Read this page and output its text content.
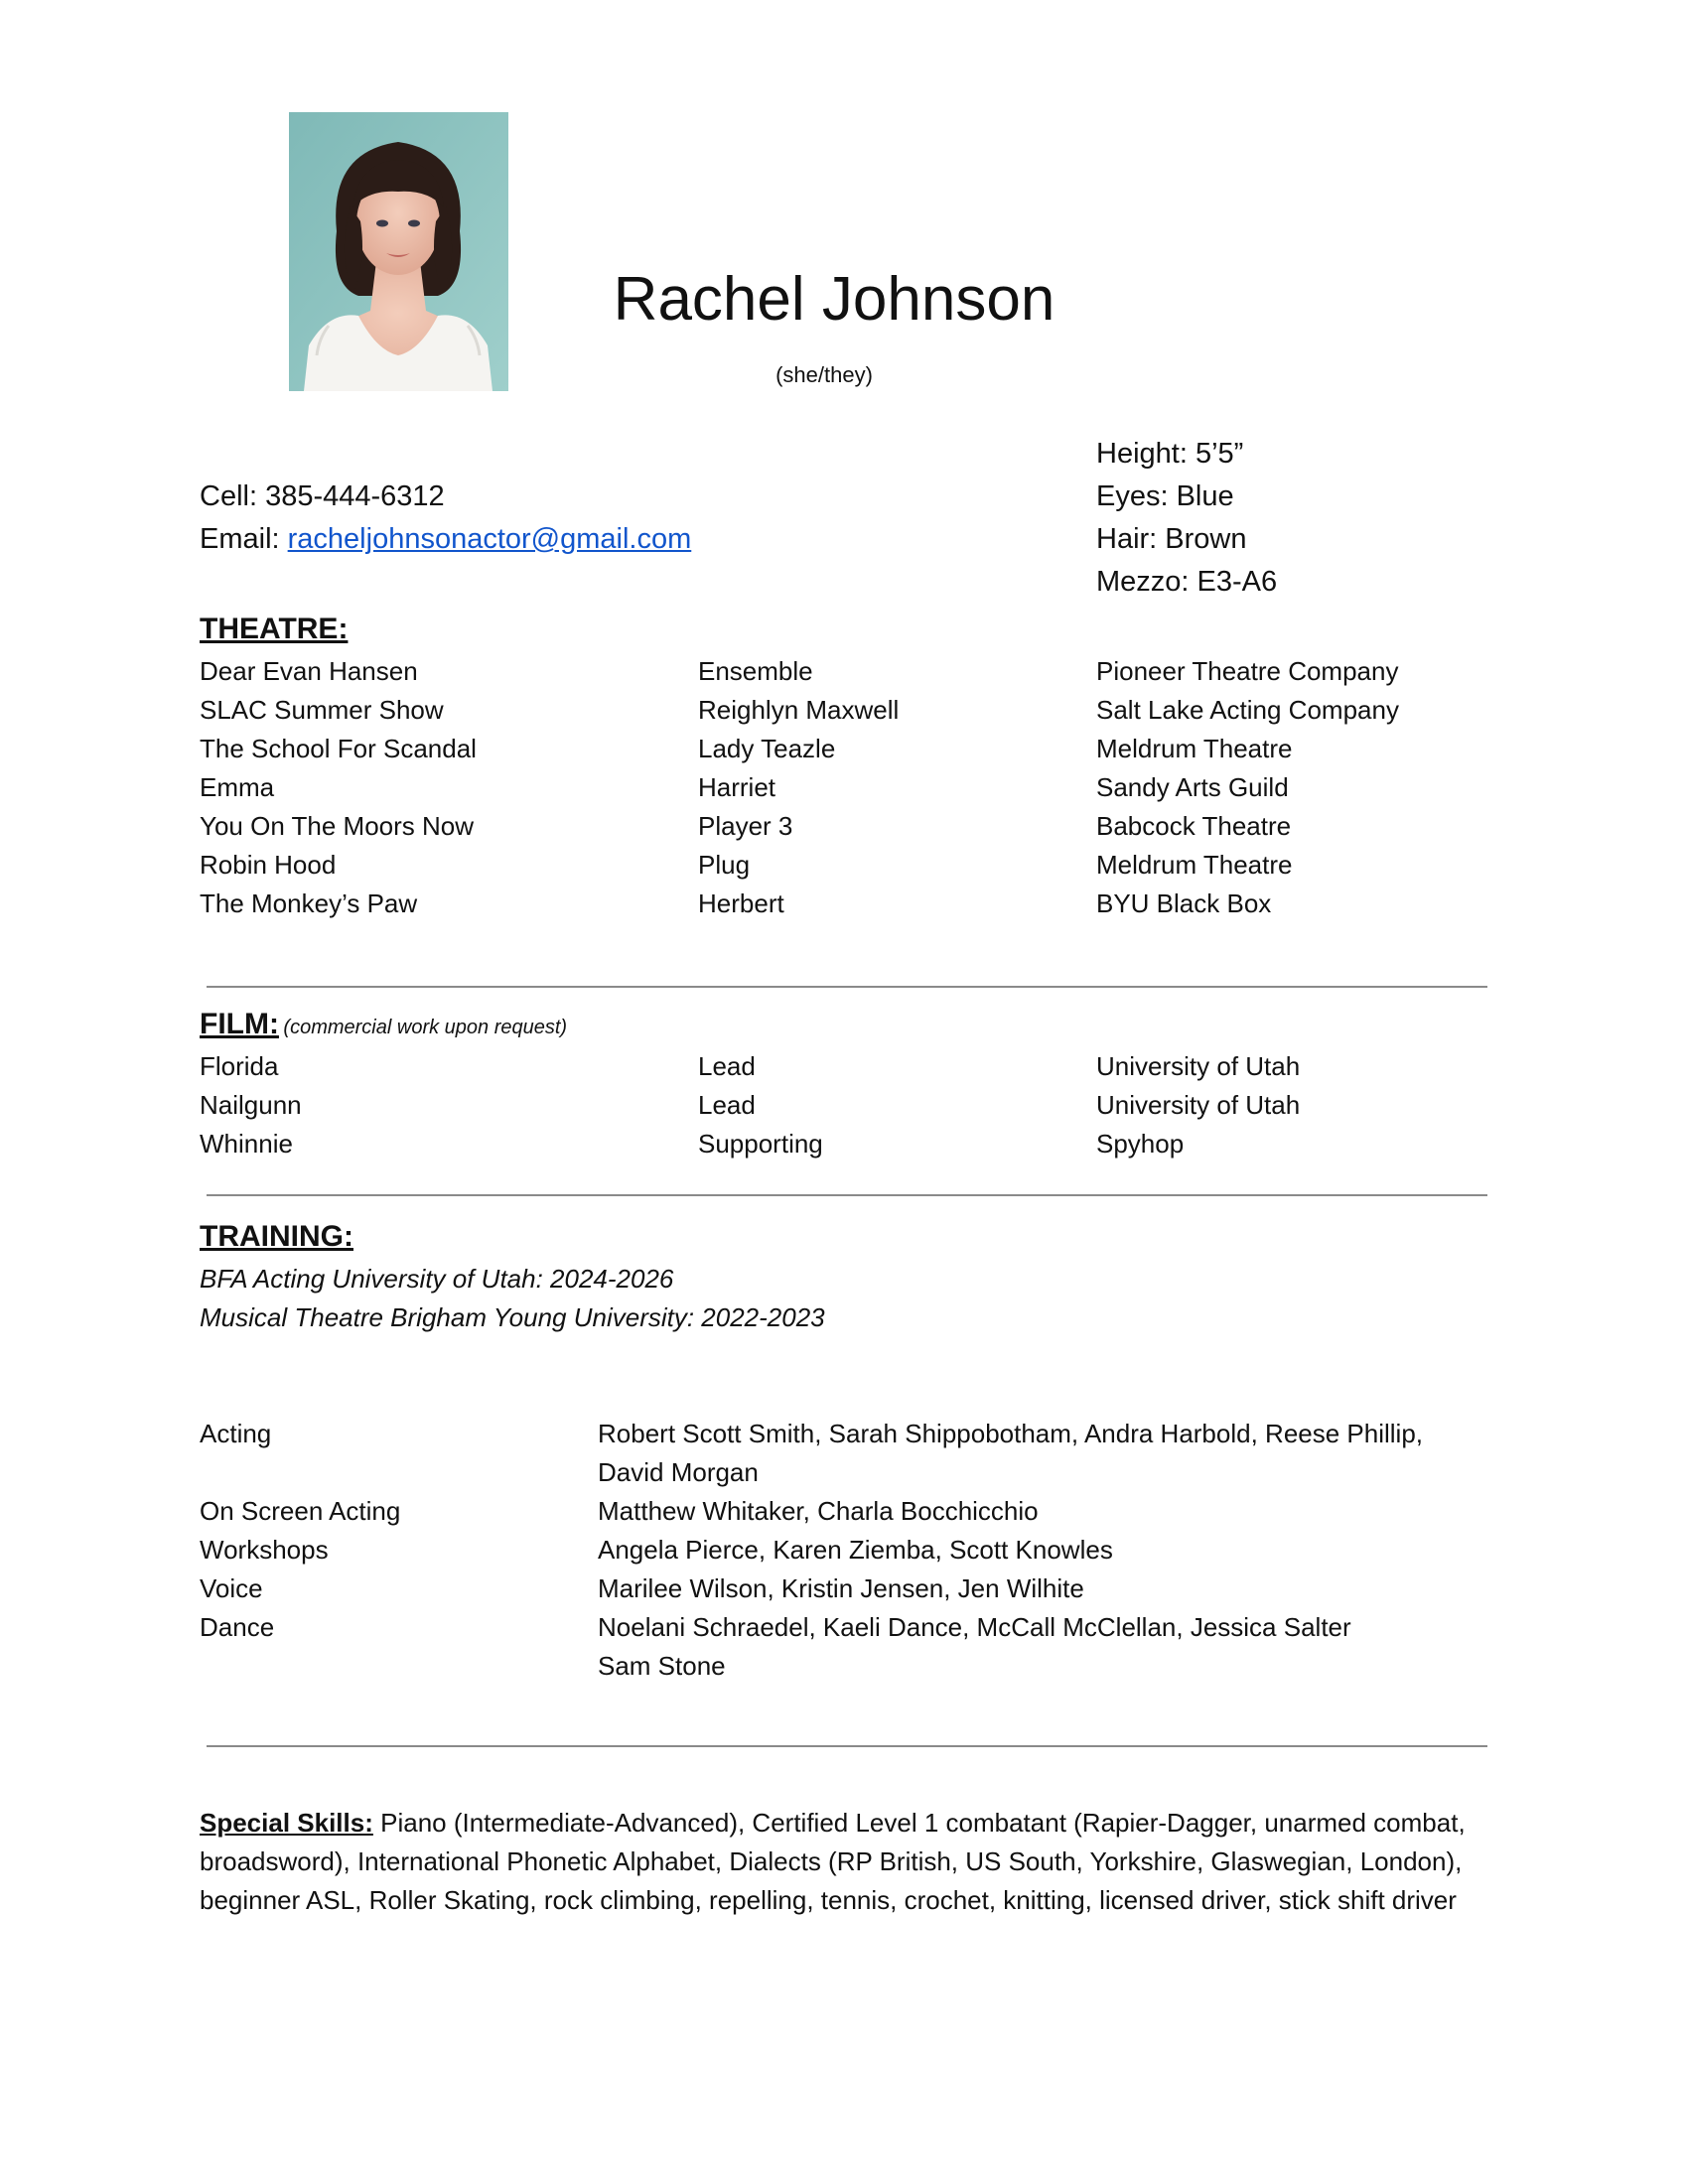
Rachel Johnson
(she/they)
Cell: 385-444-6312
Email: racheljohnsonactor@gmail.com
Height: 5’5”
Eyes: Blue
Hair: Brown
Mezzo: E3-A6
THEATRE:
Dear Evan Hansen	Ensemble	Pioneer Theatre Company
SLAC Summer Show	Reighlyn Maxwell	Salt Lake Acting Company
The School For Scandal	Lady Teazle	Meldrum Theatre
Emma	Harriet	Sandy Arts Guild
You On The Moors Now	Player 3	Babcock Theatre
Robin Hood	Plug	Meldrum Theatre
The Monkey’s Paw	Herbert	BYU Black Box
FILM: (commercial work upon request)
Florida	Lead	University of Utah
Nailgunn	Lead	University of Utah
Whinnie	Supporting	Spyhop
TRAINING:
BFA Acting University of Utah: 2024-2026
Musical Theatre Brigham Young University: 2022-2023
Acting	Robert Scott Smith, Sarah Shippobotham, Andra Harbold, Reese Phillip,
David Morgan
On Screen Acting	Matthew Whitaker, Charla Bocchicchio
Workshops	Angela Pierce, Karen Ziemba, Scott Knowles
Voice	Marilee Wilson, Kristin Jensen, Jen Wilhite
Dance	Noelani Schraedel, Kaeli Dance, McCall McClellan, Jessica Salter
Sam Stone
Special Skills: Piano (Intermediate-Advanced), Certified Level 1 combatant (Rapier-Dagger, unarmed combat, broadsword), International Phonetic Alphabet, Dialects (RP British, US South, Yorkshire, Glaswegian, London), beginner ASL, Roller Skating, rock climbing, repelling, tennis, crochet, knitting, licensed driver, stick shift driver
